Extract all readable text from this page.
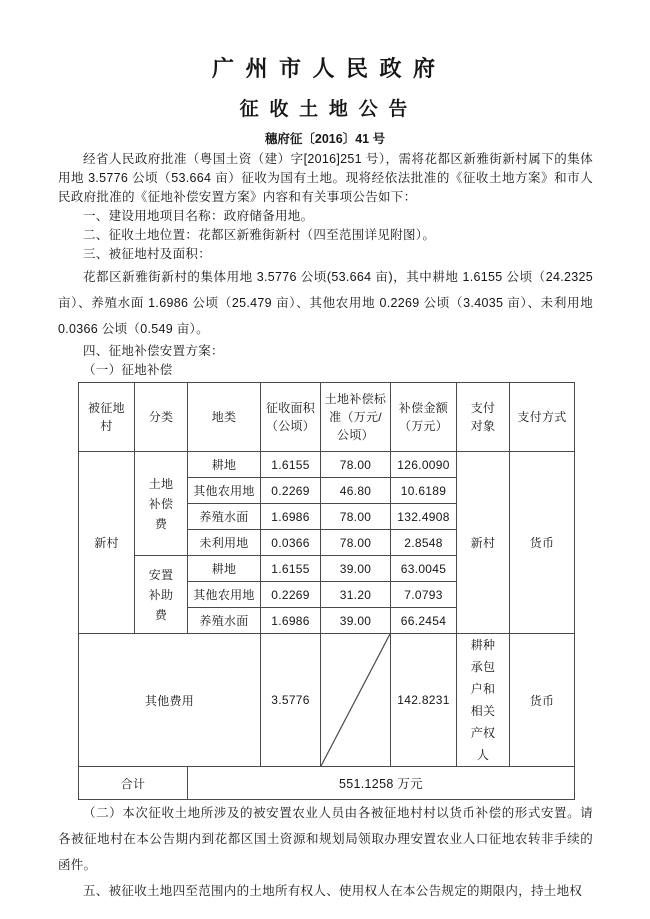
广 州 市 人 民 政 府

征 收 土 地 公 告

穗府征〔2016〕41 号

经省人民政府批准（粤国土资（建）字[2016]251 号），需将花都区新雅街新村属下的集体用地 3.5776 公顷（53.664 亩）征收为国有土地。现将经依法批准的《征收土地方案》和市人民政府批准的《征地补偿安置方案》内容和有关事项公告如下：

一、建设用地项目名称：政府储备用地。

二、征收土地位置：花都区新雅街新村（四至范围详见附图）。

三、被征地村及面积：

花都区新雅街新村的集体用地 3.5776 公顷(53.664 亩)，其中耕地 1.6155 公顷（24.2325 亩）、养殖水面 1.6986 公顷（25.479 亩）、其他农用地 0.2269 公顷（3.4035 亩）、未利用地 0.0366 公顷（0.549 亩）。

四、征地补偿安置方案：

（一）征地补偿

被征地村	分类	地类	征收面积（公顷）	土地补偿标准（万元/公顷）	补偿金额（万元）	支付对象	支付方式
新村	土地补偿费	耕地	1.6155	78.00	126.0090	新村	货币
		其他农用地	0.2269	46.80	10.6189		
		养殖水面	1.6986	78.00	132.4908		
		未利用地	0.0366	78.00	2.8548		
	安置补助费	耕地	1.6155	39.00	63.0045		
		其他农用地	0.2269	31.20	7.0793		
		养殖水面	1.6986	39.00	66.2454		
其他费用			3.5776		142.8231	耕种承包户和相关产权人	货币
合计		551.1258 万元					

（二）本次征收土地所涉及的被安置农业人员由各被征地村村以货币补偿的形式安置。请各被征地村在本公告期内到花都区国土资源和规划局领取办理安置农业人口征地农转非手续的函件。

五、被征收土地四至范围内的土地所有权人、使用权人在本公告规定的期限内，持土地权
